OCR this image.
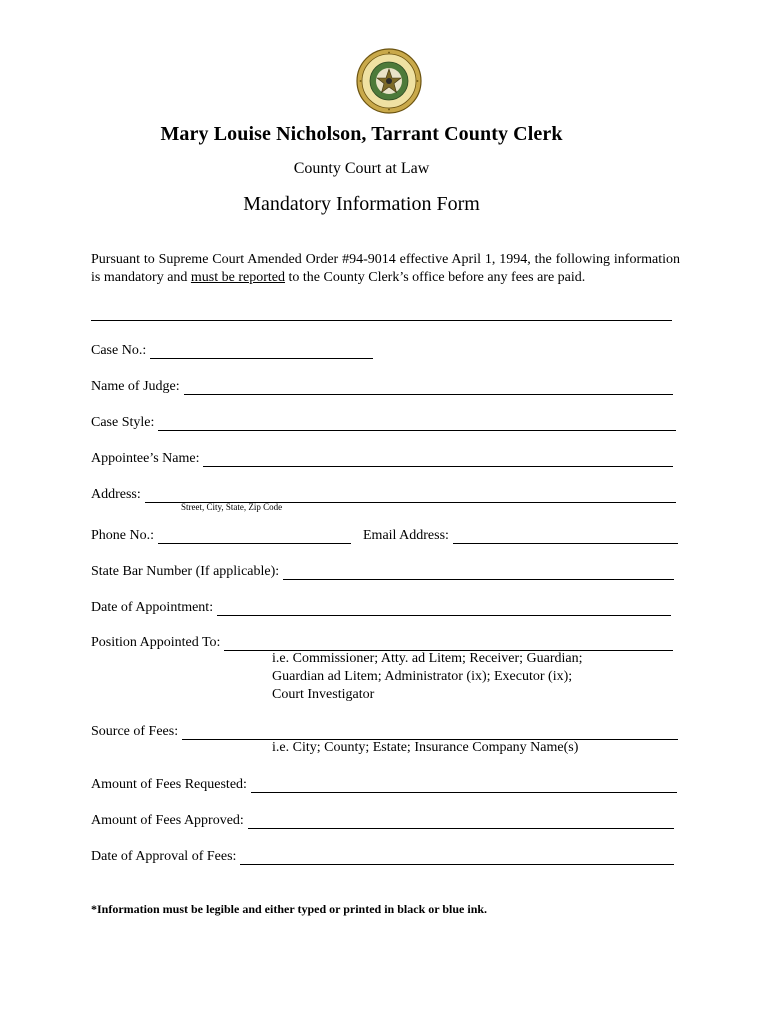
Mary Louise Nicholson, Tarrant County Clerk
County Court at Law
Mandatory Information Form
Pursuant to Supreme Court Amended Order #94-9014 effective April 1, 1994, the following information is mandatory and must be reported to the County Clerk’s office before any fees are paid.
Case No.:
Name of Judge:
Case Style:
Appointee’s Name:
Address:
Street, City, State, Zip Code
Phone No.:	Email Address:
State Bar Number (If applicable):
Date of Appointment:
Position Appointed To:
i.e. Commissioner; Atty. ad Litem; Receiver; Guardian;
Guardian ad Litem; Administrator (ix); Executor (ix);
Court Investigator
Source of Fees:
i.e. City; County; Estate; Insurance Company Name(s)
Amount of Fees Requested:
Amount of Fees Approved:
Date of Approval of Fees:
*Information must be legible and either typed or printed in black or blue ink.
